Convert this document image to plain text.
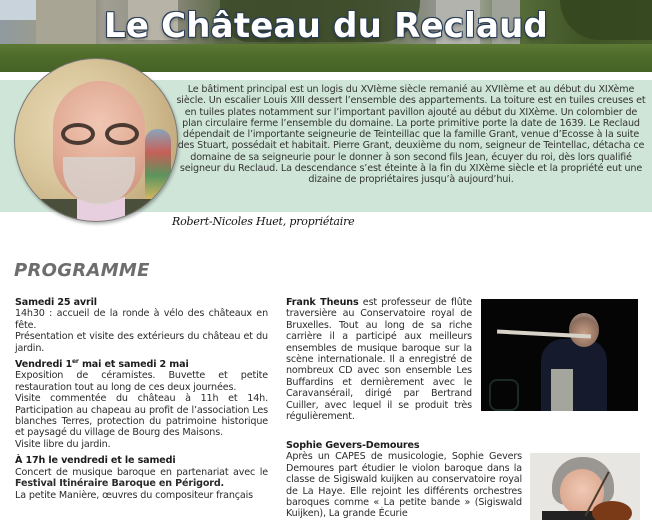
Le Château du Reclaud

Le bâtiment principal est un logis du XVIème siècle remanié au XVIIème et au début du XIXème siècle. Un escalier Louis XIII dessert l’ensemble des appartements. La toiture est en tuiles creuses et en tuiles plates notamment sur l’important pavillon ajouté au début du XIXème. Un colombier de plan circulaire ferme l’ensemble du domaine. La porte primitive porte la date de 1639. Le Reclaud dépendait de l’importante seigneurie de Teinteillac que la famille Grant, venue d’Ecosse à la suite des Stuart, possédait et habitait. Pierre Grant, deuxième du nom, seigneur de Teintellac, détacha ce domaine de sa seigneurie pour le donner à son second fils Jean, écuyer du roi, dès lors qualifié seigneur du Reclaud. La descendance s’est éteinte à la fin du XIXème siècle et la propriété eut une dizaine de propriétaires jusqu’à aujourd’hui.

Robert-Nicoles Huet, propriétaire
PROGRAMME
Samedi 25 avril

14h30 : accueil de la ronde à vélo des châteaux en fête.

Présentation et visite des extérieurs du château et du jardin.

Vendredi 1er mai et samedi 2 mai

Exposition de céramistes. Buvette et petite restauration tout au long de ces deux journées.

Visite commentée du château à 11h et 14h. Participation au chapeau au profit de l’association Les blanches Terres, protection du patrimoine historique et paysagé du village de Bourg des Maisons.

Visite libre du jardin.

À 17h le vendredi et le samedi

Concert de musique baroque en partenariat avec le Festival Itinéraire Baroque en Périgord.

La petite Manière, œuvres du compositeur français

Frank Theuns est professeur de flûte traversière au Conservatoire royal de Bruxelles. Tout au long de sa riche carrière il a participé aux meilleurs ensembles de musique baroque sur la scène internationale. Il a enregistré de nombreux CD avec son ensemble Les Buffardins et dernièrement avec le Caravansérail, dirigé par Bertrand Cuiller, avec lequel il se produit très régulièrement.
Sophie Gevers-Demoures
Après un CAPES de musicologie, Sophie Gevers Demoures part étudier le violon baroque dans la classe de Sigiswald kuijken au conservatoire royal de La Haye. Elle rejoint les différents orchestres baroques comme « La petite bande » (Sigiswald Kuijken), La grande Écurie
